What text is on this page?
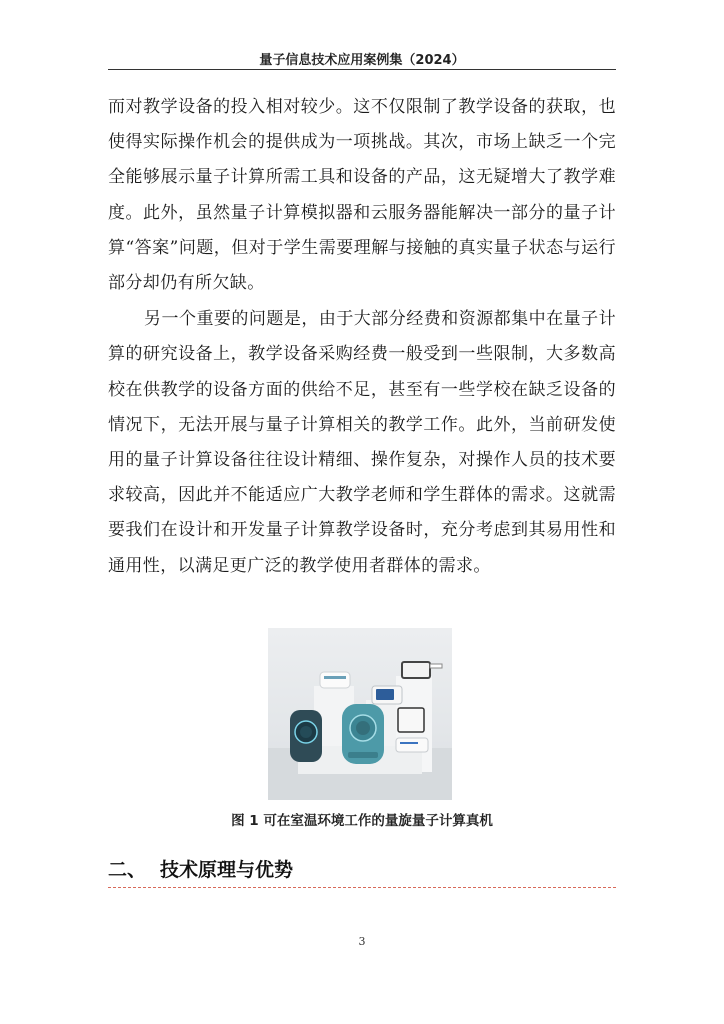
量子信息技术应用案例集（2024）

而对教学设备的投入相对较少。这不仅限制了教学设备的获取，也使得实际操作机会的提供成为一项挑战。其次，市场上缺乏一个完全能够展示量子计算所需工具和设备的产品，这无疑增大了教学难度。此外，虽然量子计算模拟器和云服务器能解决一部分的量子计算“答案”问题，但对于学生需要理解与接触的真实量子状态与运行部分却仍有所欠缺。

另一个重要的问题是，由于大部分经费和资源都集中在量子计算的研究设备上，教学设备采购经费一般受到一些限制，大多数高校在供教学的设备方面的供给不足，甚至有一些学校在缺乏设备的情况下，无法开展与量子计算相关的教学工作。此外，当前研发使用的量子计算设备往往设计精细、操作复杂，对操作人员的技术要求较高，因此并不能适应广大教学老师和学生群体的需求。这就需要我们在设计和开发量子计算教学设备时，充分考虑到其易用性和通用性，以满足更广泛的教学使用者群体的需求。

图 1 可在室温环境工作的量旋量子计算真机
二、 技术原理与优势
3
